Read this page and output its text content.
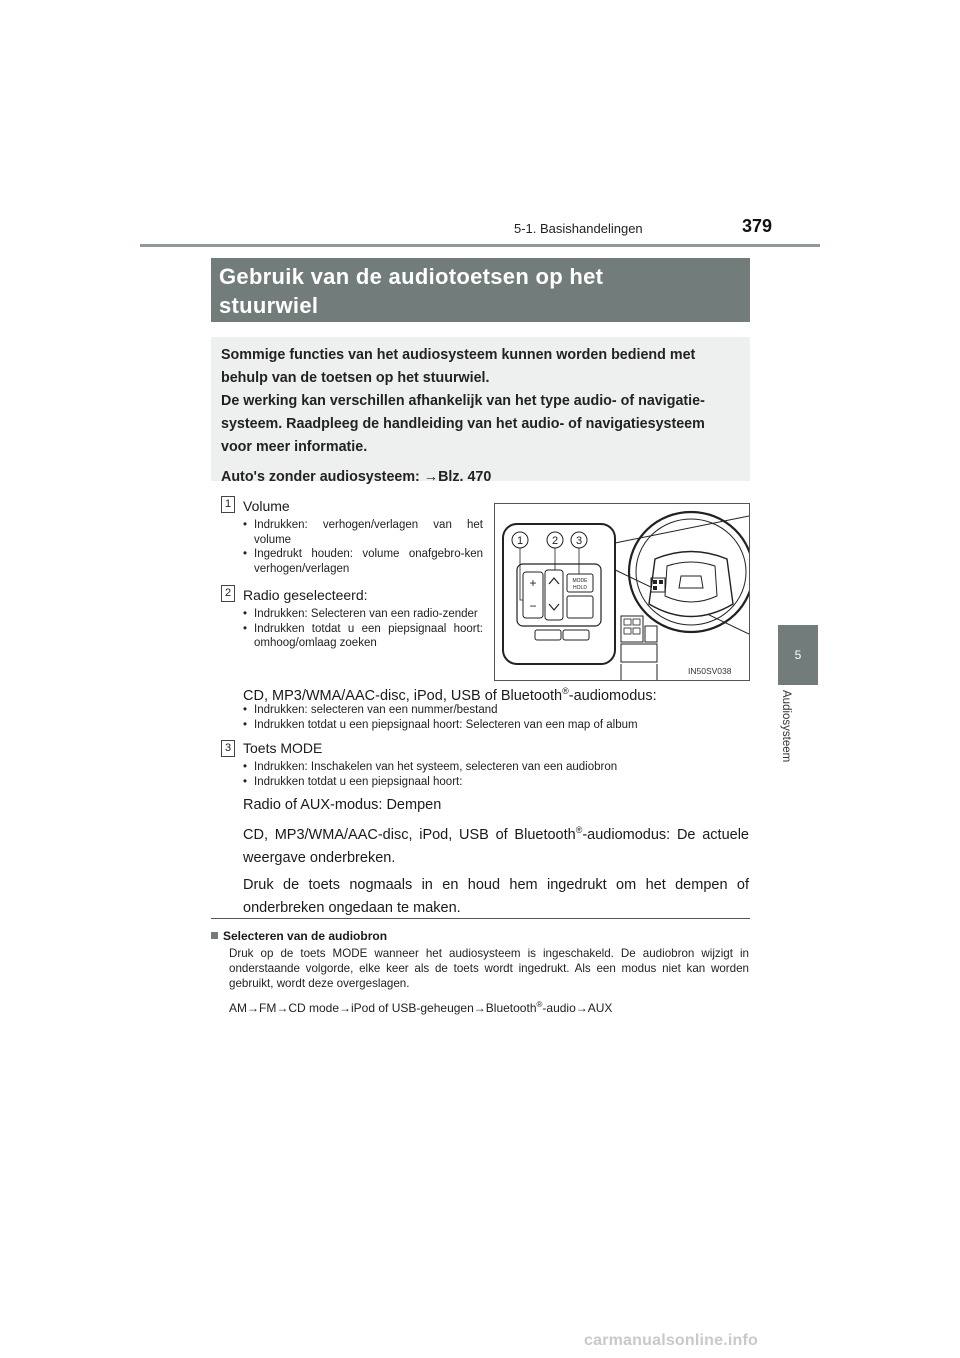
5-1. Basishandelingen	379
5
Audiosysteem
Gebruik van de audiotoetsen op het
stuurwiel

Sommige functies van het audiosysteem kunnen worden bediend met

behulp van de toetsen op het stuurwiel.

De werking kan verschillen afhankelijk van het type audio- of navigatie-

systeem. Raadpleeg de handleiding van het audio- of navigatiesysteem

voor meer informatie.

Auto's zonder audiosysteem: →Blz. 470

1 Volume
• Indrukken: verhogen/verlagen van het volume
• Ingedrukt houden: volume onafgebro-ken verhogen/verlagen
2 Radio geselecteerd:
• Indrukken: Selecteren van een radio-zender
• Indrukken totdat u een piepsignaal hoort: omhoog/omlaag zoeken
CD, MP3/WMA/AAC-disc, iPod, USB of Bluetooth®-audiomodus:
• Indrukken: selecteren van een nummer/bestand
• Indrukken totdat u een piepsignaal hoort: Selecteren van een map of album
3 Toets MODE
• Indrukken: Inschakelen van het systeem, selecteren van een audiobron
• Indrukken totdat u een piepsignaal hoort:

Radio of AUX-modus: Dempen

CD, MP3/WMA/AAC-disc, iPod, USB of Bluetooth®-audiomodus: De actuele weergave onderbreken.

Druk de toets nogmaals in en houd hem ingedrukt om het dempen of onderbreken ongedaan te maken.

+
−
MODE
HOLD
1	2 3
IN50SV038
Selecteren van de audiobron
Druk op de toets MODE wanneer het audiosysteem is ingeschakeld. De audiobron wijzigt in onderstaande volgorde, elke keer als de toets wordt ingedrukt. Als een modus niet kan worden gebruikt, wordt deze overgeslagen.
AM→FM→CD mode→iPod of USB-geheugen→Bluetooth®-audio→AUX
carmanualsonline.info
